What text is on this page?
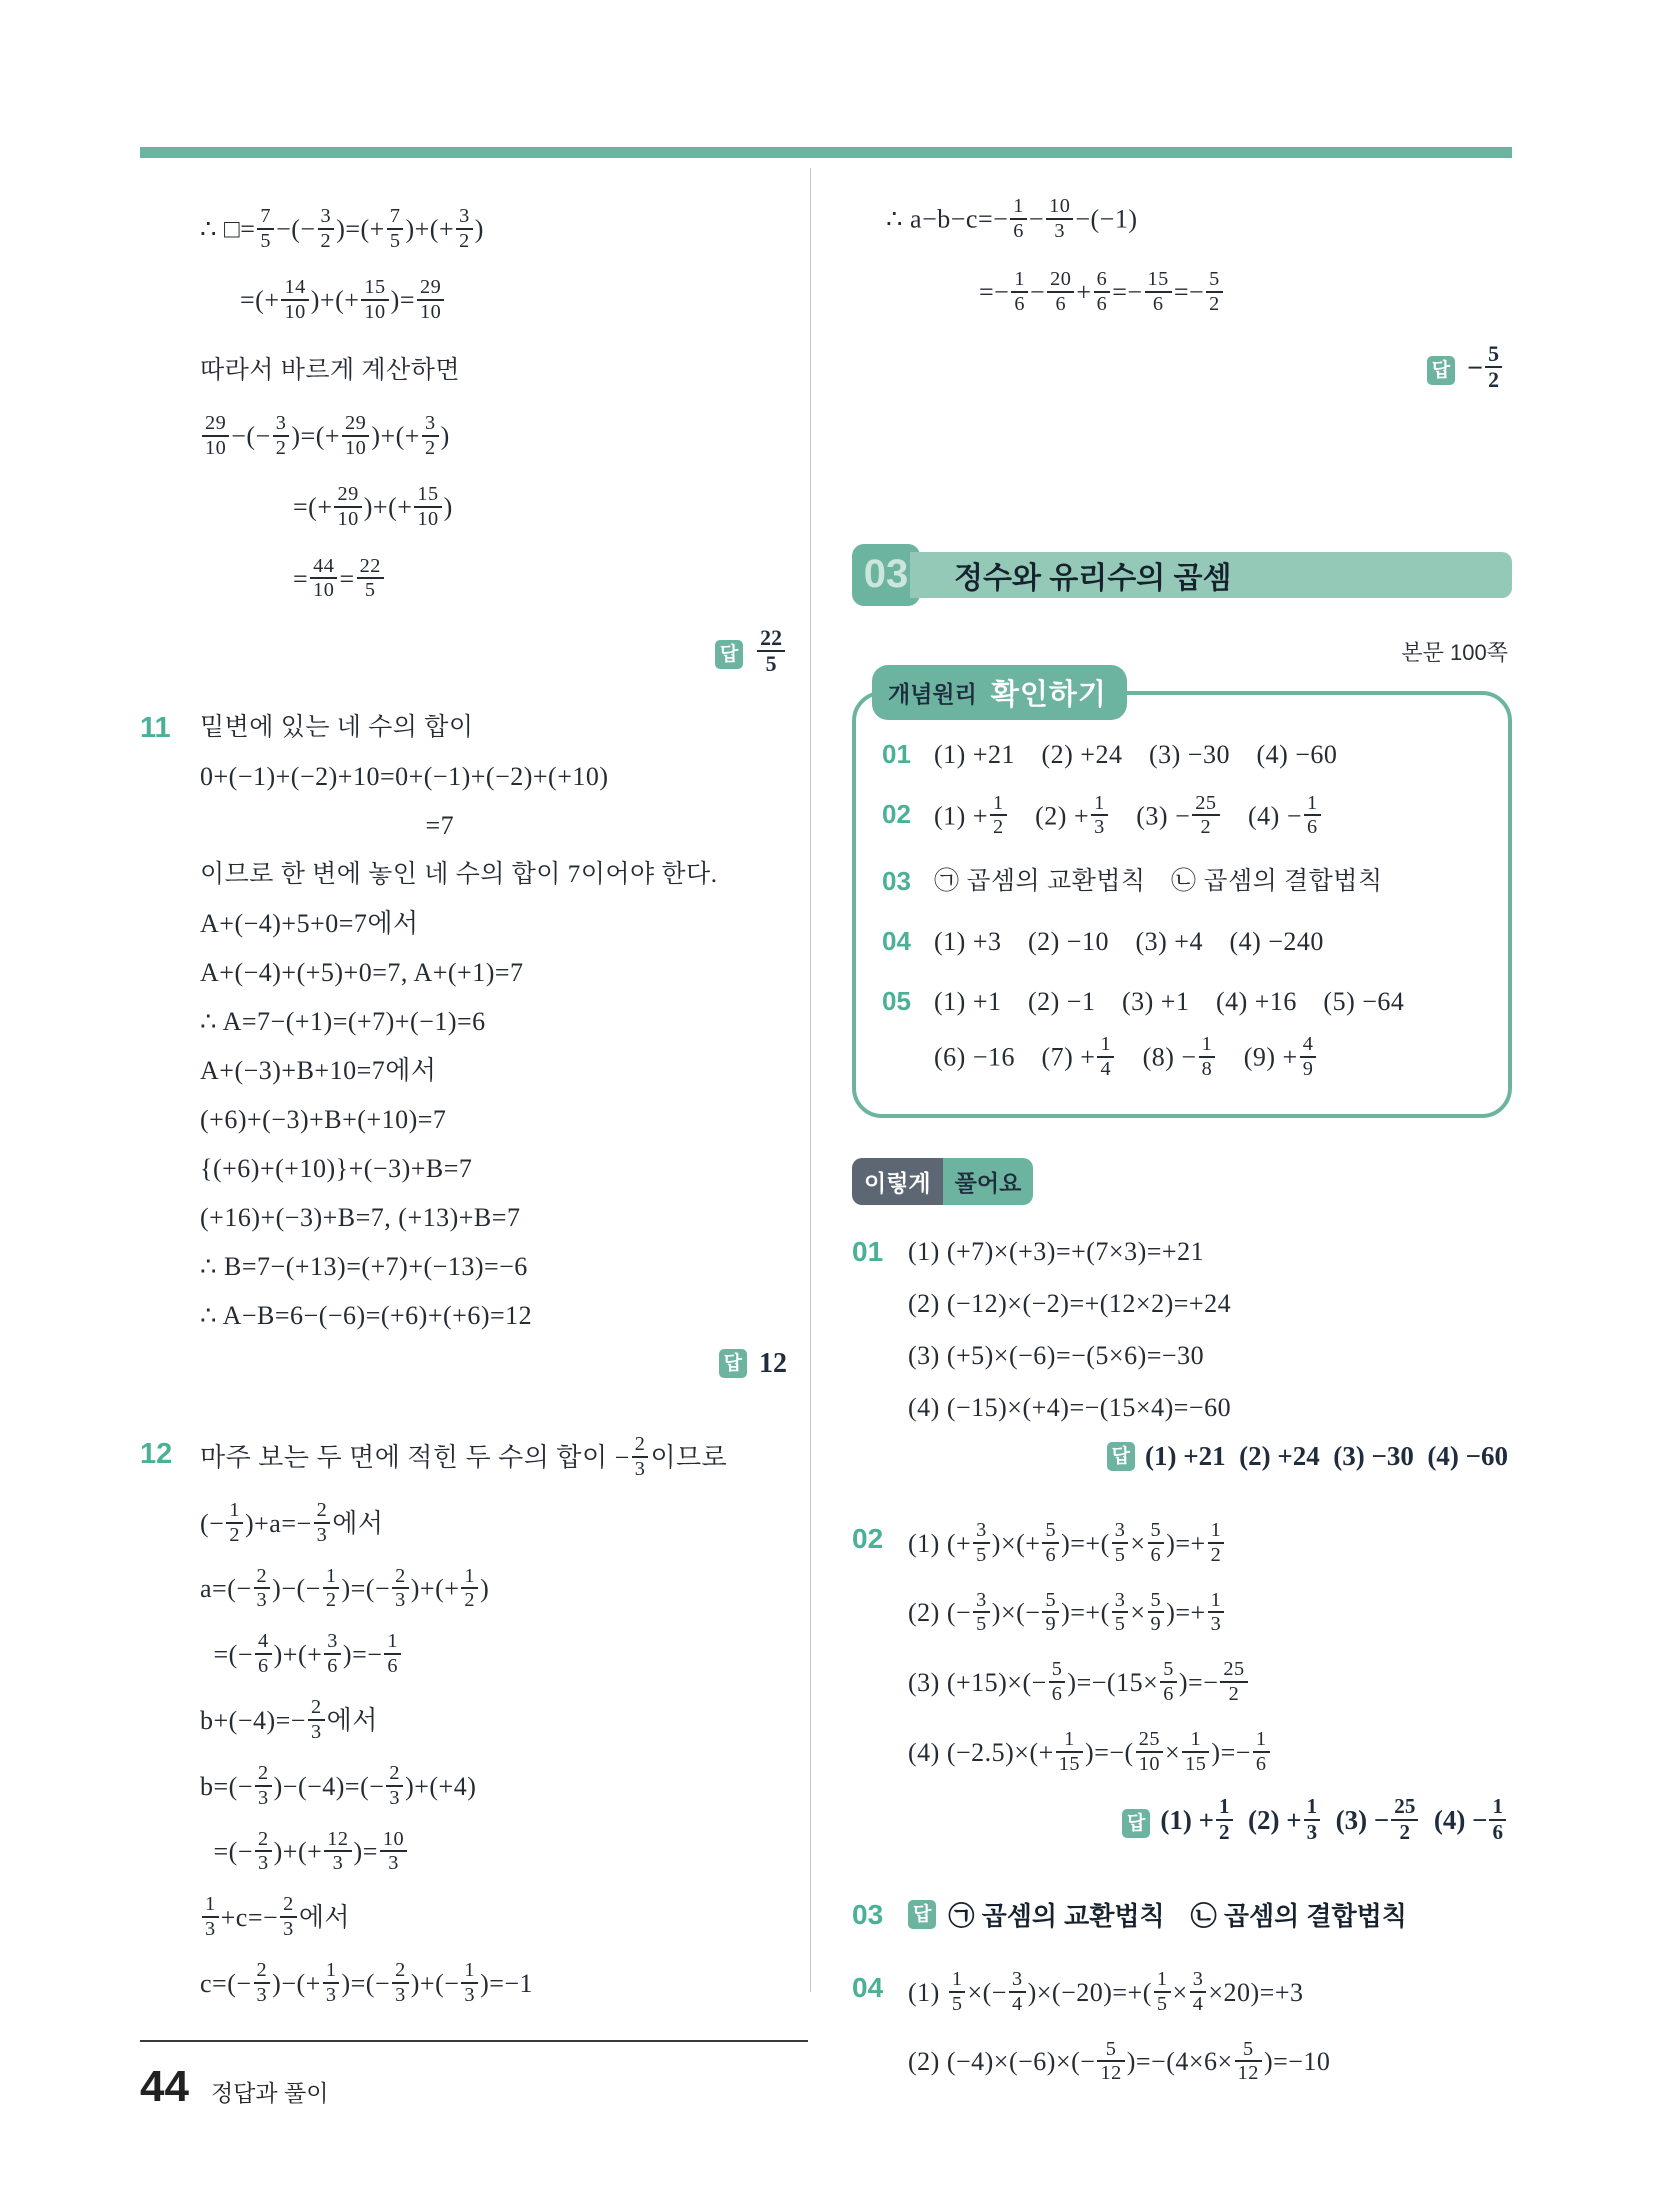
∴ □= $\frac{7}{5}$ −(− $\frac{3}{2}$ )=(+ $\frac{7}{5}$ )+(+ $\frac{3}{2}$ )
  =(+ $\frac{14}{10}$ )+(+ $\frac{15}{10}$ )= $\frac{29}{10}$
따라서 바르게 계산하면
$\frac{29}{10}$ −(− $\frac{3}{2}$ )=(+ $\frac{29}{10}$ )+(+ $\frac{3}{2}$ )
    =(+ $\frac{29}{10}$ )+(+ $\frac{15}{10}$ )
    = $\frac{44}{10} = \frac{22}{5}$
답 $\frac{22}{5}$
11	밑변에 있는 네 수의 합이
0+(−1)+(−2)+10=0+(−1)+(−2)+(+10)
         =7
이므로 한 변에 놓인 네 수의 합이 7이어야 한다.
A+(−4)+5+0=7에서
A+(−4)+(+5)+0=7, A+(+1)=7
∴ A=7−(+1)=(+7)+(−1)=6
A+(−3)+B+10=7에서
(+6)+(−3)+B+(+10)=7
{(+6)+(+10)}+(−3)+B=7
(+16)+(−3)+B=7, (+13)+B=7
∴ B=7−(+13)=(+7)+(−13)=−6
∴ A−B=6−(−6)=(+6)+(+6)=12
답 12
12	마주 보는 두 면에 적힌 두 수의 합이 − $\frac{2}{3}$ 이므로
(− $\frac{1}{2} )+a=- \frac{2}{3}$ 에서
$a=(- \frac{2}{3}$ )−(− $\frac{1}{2}$ )=(− $\frac{2}{3}$ )+(+ $\frac{1}{2}$ )
 =(− $\frac{4}{6}$ )+(+ $\frac{3}{6}$ )=− $\frac{1}{6}$
$b+(-4)=- \frac{2}{3}$ 에서
$b=(- \frac{2}{3} )-(-4)=(- \frac{2}{3} )+(+4)$
 =(− $\frac{2}{3}$ )+(+ $\frac{12}{3}$ )= $\frac{10}{3}$
$\frac{1}{3} +c=- \frac{2}{3}$ 에서
$c=(- \frac{2}{3}$ )−(+ $\frac{1}{3}$ )=(− $\frac{2}{3}$ )+(− $\frac{1}{3} )=-1$
∴ $a-b-c=- \frac{1}{6} - \frac{10}{3} -(-1)$
    =− $\frac{1}{6} - \frac{20}{6} + \frac{6}{6} =- \frac{15}{6} =- \frac{5}{2}$
답 − $\frac{5}{2}$
03	정수와 유리수의 곱셈
본문 100쪽
개념원리 확인하기
01 (1) +21 (2) +24 (3) −30 (4) −60
02 $(1) + \frac{1}{2}$  $(2) + \frac{1}{3}$  $(3) - \frac{25}{2}$  $(4) - \frac{1}{6}$
03 ㉠ 곱셈의 교환법칙 ㉡ 곱셈의 결합법칙
04 (1) +3 (2) −10 (3) +4 (4) −240
05 (1) +1 (2) −1 (3) +1 (4) +16 (5) −64
(6) −16 $(7) + \frac{1}{4}$  $(8) - \frac{1}{8}$  $(9) + \frac{4}{9}$
이렇게	풀어요
01 (1) (+7)×(+3)=+(7×3)=+21
(2) (−12)×(−2)=+(12×2)=+24
(3) (+5)×(−6)=−(5×6)=−30
(4) (−15)×(+4)=−(15×4)=−60
답 (1) +21 (2) +24 (3) −30 (4) −60
02 (1) (+ $\frac{3}{5}$ )×(+ $\frac{5}{6}$ )=+( $\frac{3}{5} \times \frac{5}{6}$ )=+ $\frac{1}{2}$
(2) (− $\frac{3}{5}$ )×(− $\frac{5}{9}$ )=+( $\frac{3}{5} \times \frac{5}{9}$ )=+ $\frac{1}{3}$
(3) $(+15)\times(- \frac{5}{6} )=-(15\times \frac{5}{6}$ )=− $\frac{25}{2}$
(4) $(-2.5)\times(+ \frac{1}{15}$ )=−( $\frac{25}{10} \times \frac{1}{15}$ )=− $\frac{1}{6}$
답 $(1) + \frac{1}{2}$  $(2) + \frac{1}{3}$  $(3) - \frac{25}{2}$  $(4) - \frac{1}{6}$
03	답 ㉠ 곱셈의 교환법칙 ㉡ 곱셈의 결합법칙
04 $(1) \frac{1}{5}$ ×(− $\frac{3}{4} )\times(-20)=+( \frac{1}{5} \times \frac{3}{4} \times 20)=+3$
(2) $(-4)\times(-6)\times(- \frac{5}{12} )=-(4\times 6\times \frac{5}{12} )=-10$
44 정답과 풀이
